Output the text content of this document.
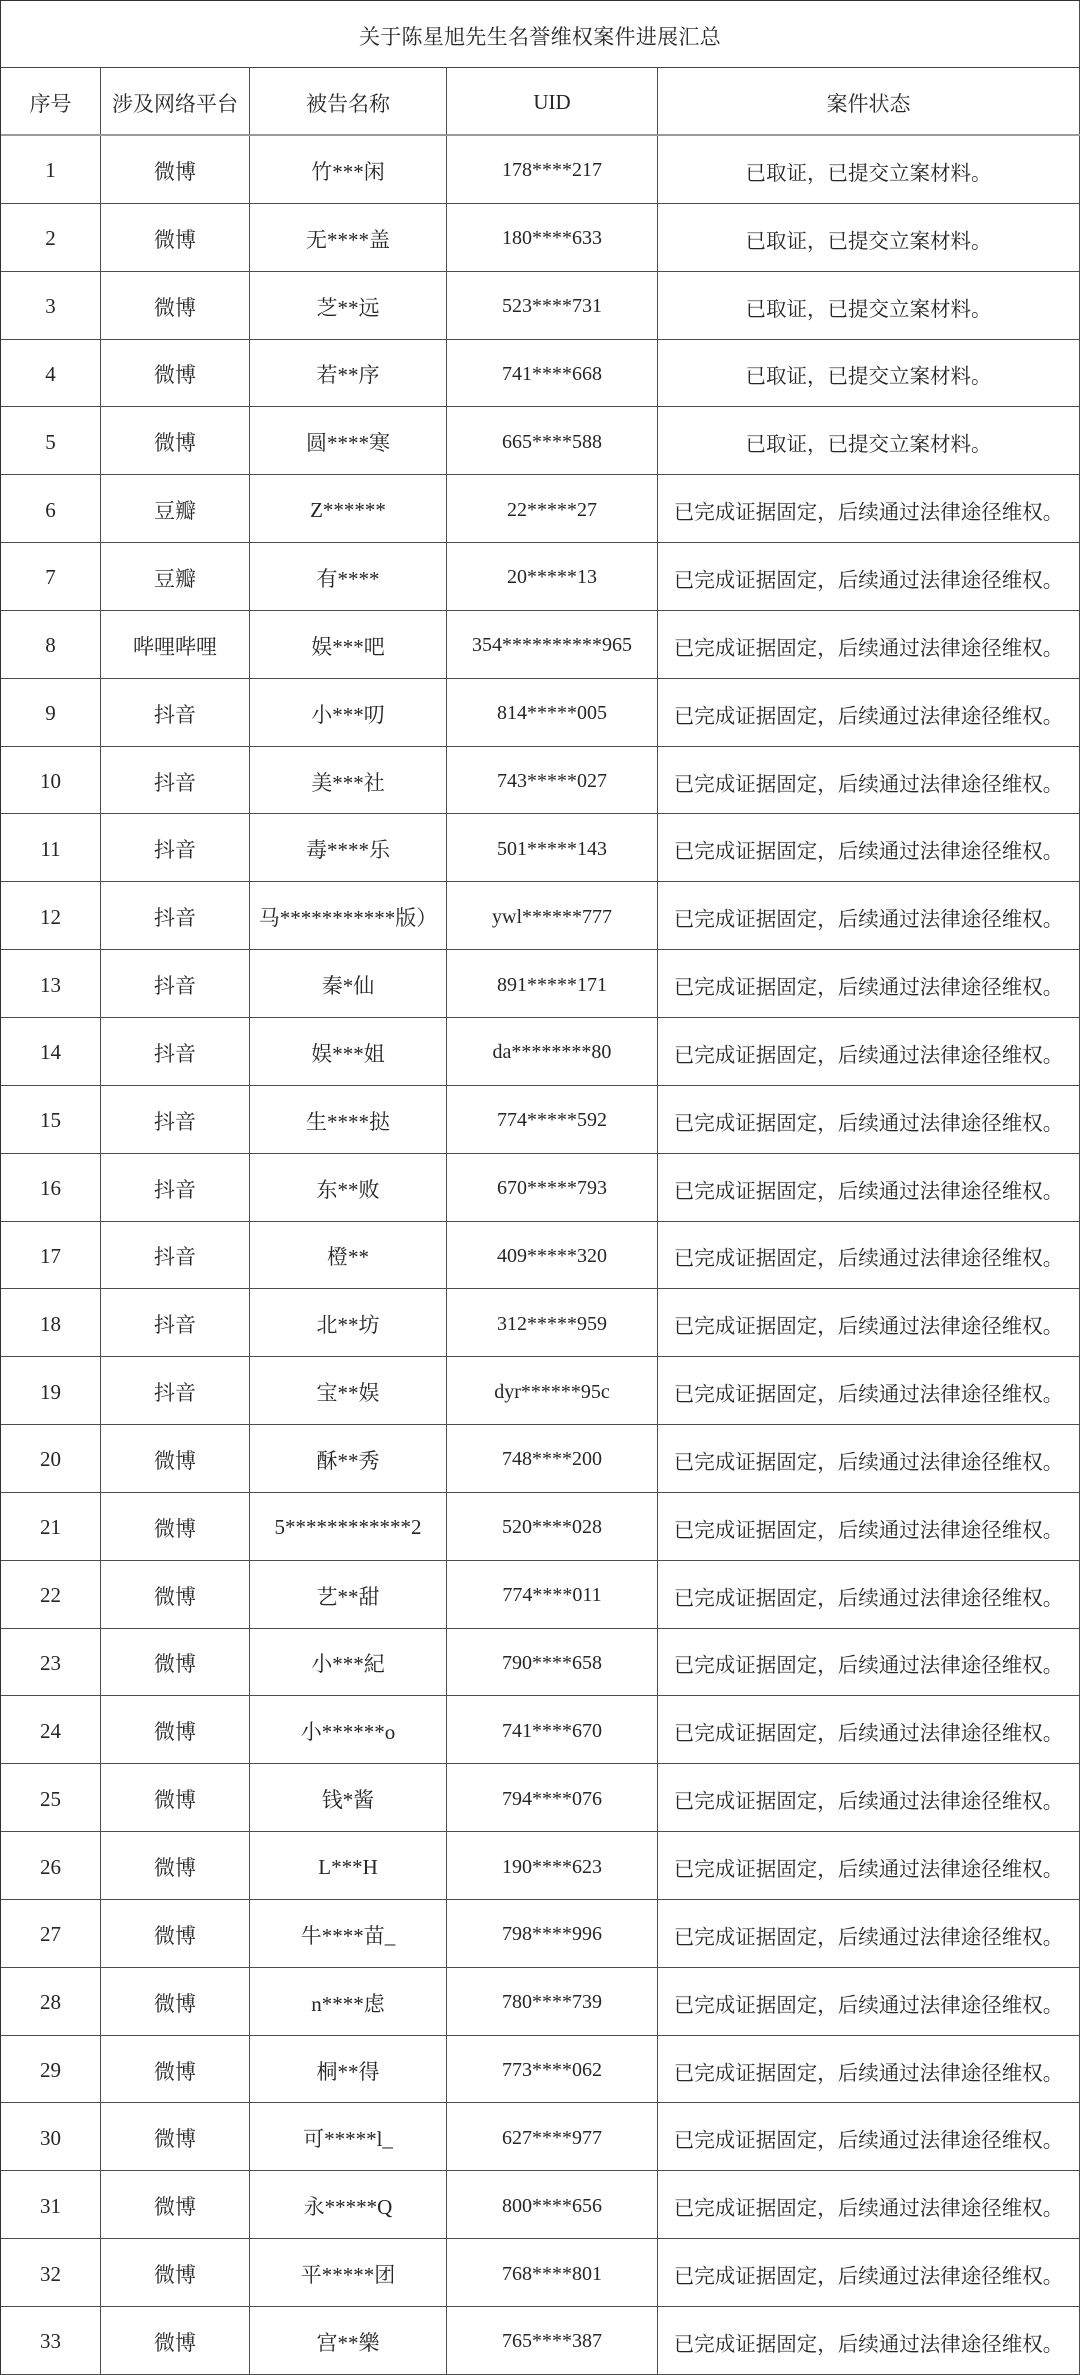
关于陈星旭先生名誉维权案件进展汇总
序号	涉及网络平台	被告名称	UID	案件状态
1	微博	竹***闲	178****217	已取证，已提交立案材料。
2	微博	无****盖	180****633	已取证，已提交立案材料。
3	微博	芝**远	523****731	已取证，已提交立案材料。
4	微博	若**序	741****668	已取证，已提交立案材料。
5	微博	圆****寒	665****588	已取证，已提交立案材料。
6	豆瓣	Z******	22*****27	已完成证据固定，后续通过法律途径维权。
7	豆瓣	有****	20*****13	已完成证据固定，后续通过法律途径维权。
8	哔哩哔哩	娱***吧	354**********965	已完成证据固定，后续通过法律途径维权。
9	抖音	小***叨	814*****005	已完成证据固定，后续通过法律途径维权。
10	抖音	美***社	743*****027	已完成证据固定，后续通过法律途径维权。
11	抖音	毒****乐	501*****143	已完成证据固定，后续通过法律途径维权。
12	抖音	马***********版）	ywl******777	已完成证据固定，后续通过法律途径维权。
13	抖音	秦*仙	891*****171	已完成证据固定，后续通过法律途径维权。
14	抖音	娱***姐	da********80	已完成证据固定，后续通过法律途径维权。
15	抖音	生****挞	774*****592	已完成证据固定，后续通过法律途径维权。
16	抖音	东**败	670*****793	已完成证据固定，后续通过法律途径维权。
17	抖音	橙**	409*****320	已完成证据固定，后续通过法律途径维权。
18	抖音	北**坊	312*****959	已完成证据固定，后续通过法律途径维权。
19	抖音	宝**娱	dyr******95c	已完成证据固定，后续通过法律途径维权。
20	微博	酥**秀	748****200	已完成证据固定，后续通过法律途径维权。
21	微博	5************2	520****028	已完成证据固定，后续通过法律途径维权。
22	微博	艺**甜	774****011	已完成证据固定，后续通过法律途径维权。
23	微博	小***紀	790****658	已完成证据固定，后续通过法律途径维权。
24	微博	小******o	741****670	已完成证据固定，后续通过法律途径维权。
25	微博	钱*酱	794****076	已完成证据固定，后续通过法律途径维权。
26	微博	L***H	190****623	已完成证据固定，后续通过法律途径维权。
27	微博	牛****苗_	798****996	已完成证据固定，后续通过法律途径维权。
28	微博	n****虑	780****739	已完成证据固定，后续通过法律途径维权。
29	微博	桐**得	773****062	已完成证据固定，后续通过法律途径维权。
30	微博	可*****l_	627****977	已完成证据固定，后续通过法律途径维权。
31	微博	永*****Q	800****656	已完成证据固定，后续通过法律途径维权。
32	微博	平*****团	768****801	已完成证据固定，后续通过法律途径维权。
33	微博	宫**樂	765****387	已完成证据固定，后续通过法律途径维权。
